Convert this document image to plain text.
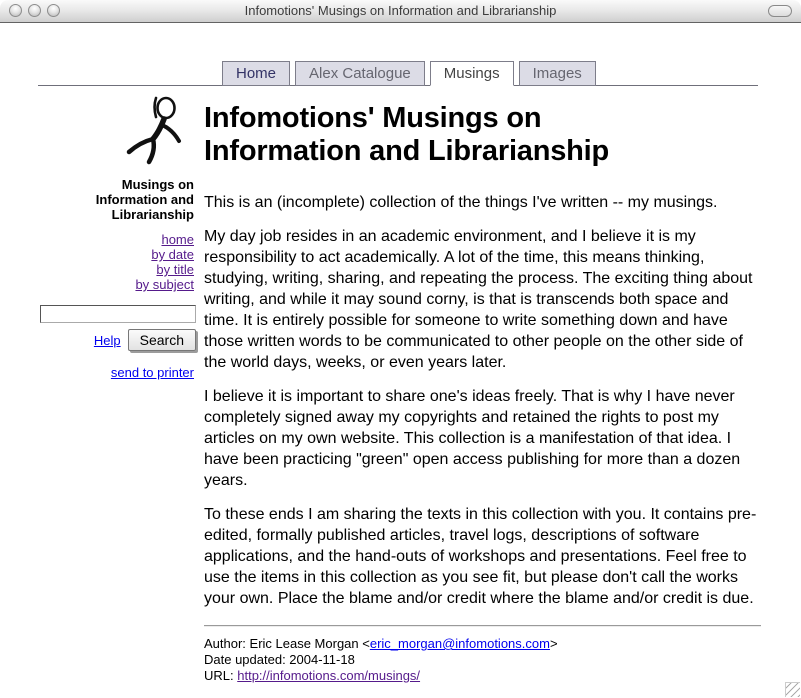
Infomotions' Musings on Information and Librarianship
Home	Alex Catalogue	Musings	Images
Musings on Information and Librarianship
home
by date
by title
by subject
Help	Search
send to printer
Infomotions' Musings on Information and Librarianship

This is an (incomplete) collection of the things I've written -- my musings.

My day job resides in an academic environment, and I believe it is my responsibility to act academically. A lot of the time, this means thinking, studying, writing, sharing, and repeating the process. The exciting thing about writing, and while it may sound corny, is that is transcends both space and time. It is entirely possible for someone to write something down and have those written words to be communicated to other people on the other side of the world days, weeks, or even years later.

I believe it is important to share one's ideas freely. That is why I have never completely signed away my copyrights and retained the rights to post my articles on my own website. This collection is a manifestation of that idea. I have been practicing "green" open access publishing for more than a dozen years.

To these ends I am sharing the texts in this collection with you. It contains pre-edited, formally published articles, travel logs, descriptions of software applications, and the hand-outs of workshops and presentations. Feel free to use the items in this collection as you see fit, but please don't call the works your own. Place the blame and/or credit where the blame and/or credit is due.

Author: Eric Lease Morgan <eric_morgan@infomotions.com>
Date updated: 2004-11-18
URL: http://infomotions.com/musings/
